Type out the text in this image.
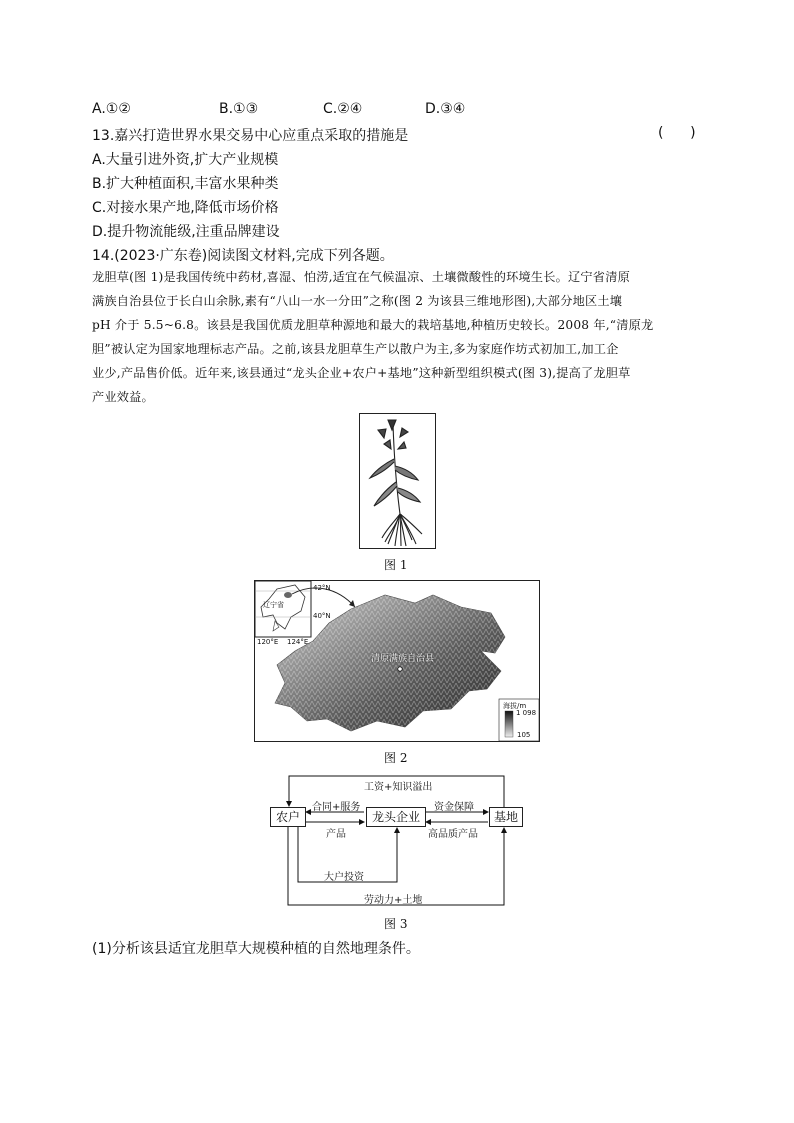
A.①②	B.①③	C.②④	D.③④
13.嘉兴打造世界水果交易中心应重点采取的措施是	(      )
A.大量引进外资,扩大产业规模
B.扩大种植面积,丰富水果种类
C.对接水果产地,降低市场价格
D.提升物流能级,注重品牌建设
14.(2023·广东卷)阅读图文材料,完成下列各题。
龙胆草(图 1)是我国传统中药材,喜湿、怕涝,适宜在气候温凉、土壤微酸性的环境生长。辽宁省清原
满族自治县位于长白山余脉,素有“八山一水一分田”之称(图 2 为该县三维地形图),大部分地区土壤
pH 介于 5.5~6.8。该县是我国优质龙胆草种源地和最大的栽培基地,种植历史较长。2008 年,“清原龙
胆”被认定为国家地理标志产品。之前,该县龙胆草生产以散户为主,多为家庭作坊式初加工,加工企
业少,产品售价低。近年来,该县通过“龙头企业+农户+基地”这种新型组织模式(图 3),提高了龙胆草
产业效益。
图 1
辽宁省
42°N
40°N
120°E 124°E
清原满族自治县
海拔/m
1 098
105
图 2
农户	龙头企业	基地
工资+知识溢出
合同+服务
产品
资金保障
高品质产品
大户投资
劳动力+土地
图 3
(1)分析该县适宜龙胆草大规模种植的自然地理条件。
